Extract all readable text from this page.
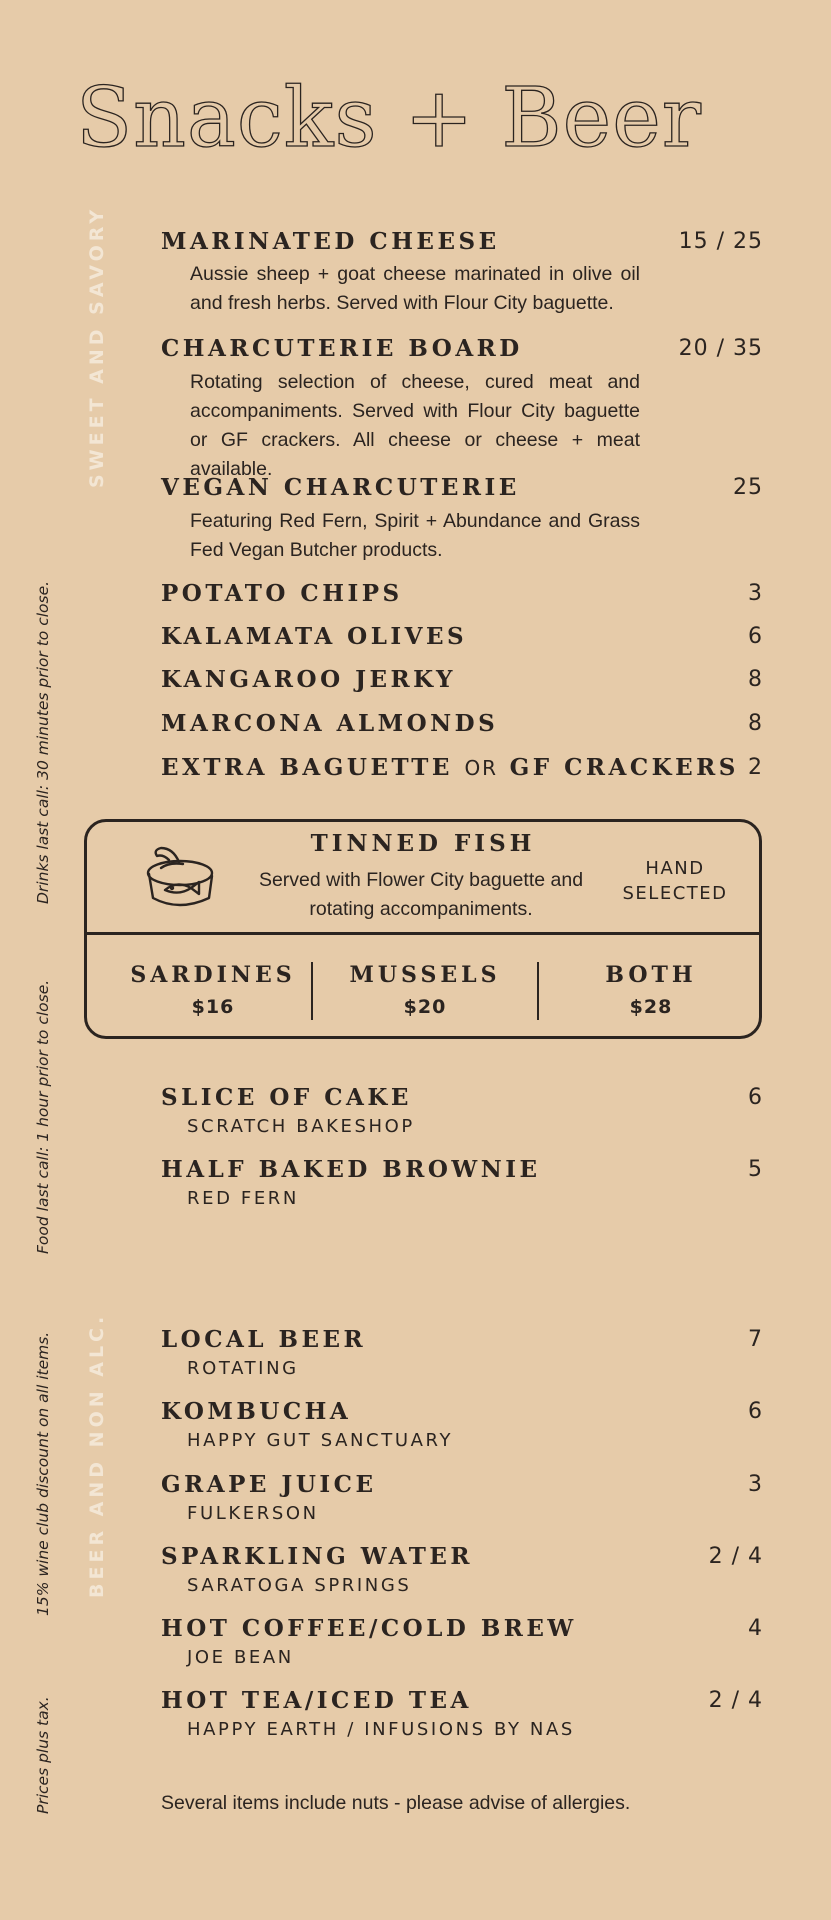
Snacks + Beer
SWEET AND SAVORY
BEER AND NON ALC.
Drinks last call: 30 minutes prior to close.
Food last call: 1 hour prior to close.
15% wine club discount on all items.
Prices plus tax.
MARINATED CHEESE	15 / 25
Aussie sheep + goat cheese marinated in olive oil and fresh herbs. Served with Flour City baguette.
CHARCUTERIE BOARD	20 / 35
Rotating selection of cheese, cured meat and accompaniments. Served with Flour City baguette or GF crackers. All cheese or cheese + meat available.
VEGAN CHARCUTERIE	25
Featuring Red Fern, Spirit + Abundance and Grass Fed Vegan Butcher products.
POTATO CHIPS	3
KALAMATA OLIVES	6
KANGAROO JERKY	8
MARCONA ALMONDS	8
EXTRA BAGUETTE OR GF CRACKERS 2
TINNED FISH
Served with Flower City baguette and rotating accompaniments.
HAND
SELECTED
SARDINES
$16
MUSSELS
$20
BOTH
$28
SLICE OF CAKE	6
SCRATCH BAKESHOP
HALF BAKED BROWNIE	5
RED FERN
LOCAL BEER	7
ROTATING
KOMBUCHA	6
HAPPY GUT SANCTUARY
GRAPE JUICE	3
FULKERSON
SPARKLING WATER	2 / 4
SARATOGA SPRINGS
HOT COFFEE/COLD BREW	4
JOE BEAN
HOT TEA/ICED TEA	2 / 4
HAPPY EARTH / INFUSIONS BY NAS
Several items include nuts - please advise of allergies.
